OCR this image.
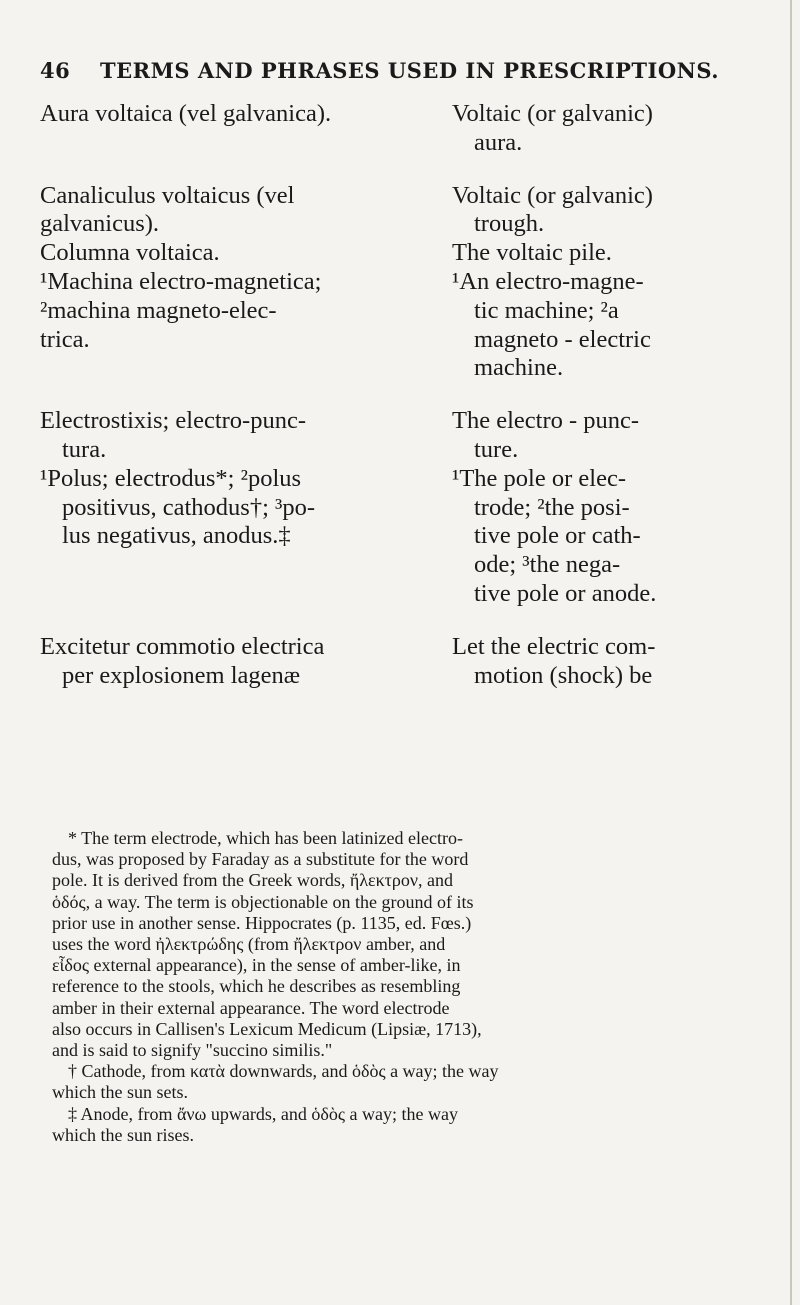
46 TERMS AND PHRASES USED IN PRESCRIPTIONS.
Aura voltaica (vel galvanica).	Voltaic (or galvanic)
aura.
Canaliculus voltaicus (vel
galvanicus).
Columna voltaica.
¹Machina electro-magnetica;
²machina magneto-elec-
trica.
Voltaic (or galvanic)
trough.
The voltaic pile.
¹An electro-magne-
tic machine; ²a
magneto - electric
machine.
Electrostixis; electro-punc-
tura.
¹Polus; electrodus*; ²polus
positivus, cathodus†; ³po-
lus negativus, anodus.‡
The electro - punc-
ture.
¹The pole or elec-
trode; ²the posi-
tive pole or cath-
ode; ³the nega-
tive pole or anode.
Excitetur commotio electrica
per explosionem lagenæ
Let the electric com-
motion (shock) be
* The term electrode, which has been latinized electro-
dus, was proposed by Faraday as a substitute for the word
pole. It is derived from the Greek words, ἤλεκτρον, and
ὁδός, a way. The term is objectionable on the ground of its
prior use in another sense. Hippocrates (p. 1135, ed. Fœs.)
uses the word ἠλεκτρώδης (from ἤλεκτρον amber, and
εἶδος external appearance), in the sense of amber-like, in
reference to the stools, which he describes as resembling
amber in their external appearance. The word electrode
also occurs in Callisen's Lexicum Medicum (Lipsiæ, 1713),
and is said to signify "succino similis."
† Cathode, from κατὰ downwards, and ὁδὸς a way; the way
which the sun sets.
‡ Anode, from ἄνω upwards, and ὁδὸς a way; the way
which the sun rises.
